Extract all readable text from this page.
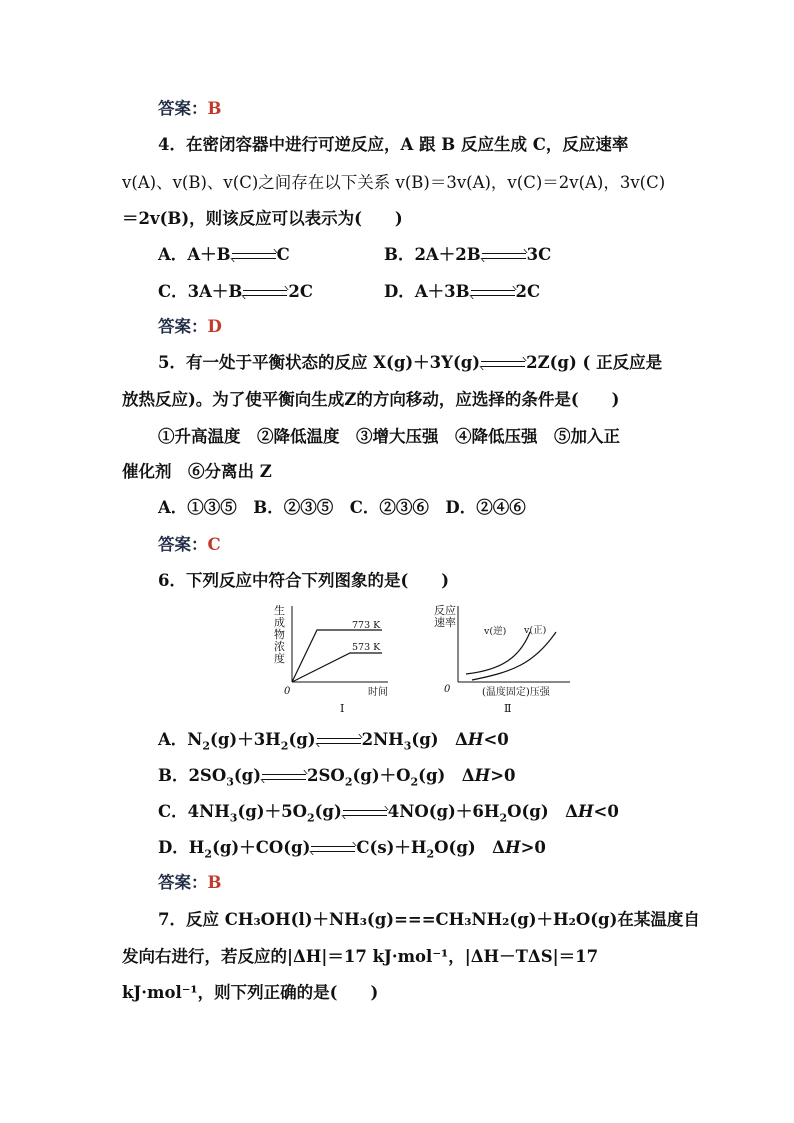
答案：B
4．在密闭容器中进行可逆反应，A 跟 B 反应生成 C，反应速率
v(A)、v(B)、v(C)之间存在以下关系 v(B)＝3v(A)，v(C)＝2v(A)，3v(C)
＝2v(B)，则该反应可以表示为(　　)
A．A＋B	C	B．2A＋2B	3C
C．3A＋B	2C	D．A＋3B	2C
答案：D
5．有一处于平衡状态的反应 X(g)＋3Y(g)	2Z(g) ( 正反应是
放热反应)。为了使平衡向生成Z的方向移动，应选择的条件是(　　)
①升高温度　②降低温度　③增大压强　④降低压强　⑤加入正
催化剂　⑥分离出 Z
A．①③⑤　B．②③⑤　C．②③⑥　D．②④⑥
答案：C
6．下列反应中符合下列图象的是(　　)
生
成
物
浓
度
773 K
573 K
0	时间
Ⅰ
反 应
速 率
v(逆) v(正)
0	(温度固定)压强
Ⅱ
A．$N_2(g)+3H_2(g)$	$2NH_3(g)$　ΔH<0
B．$2SO_3(g)$	$2SO_2(g)+O_2(g)$　ΔH>0
C．$4NH_3(g)+5O_2(g)$	$4NO(g)+6H_2O(g)$　ΔH<0
D．$H_2(g)+CO(g)$	$C(s)+H_2O(g)$　ΔH>0
答案：B
7．反应 CH₃OH(l)＋NH₃(g)===CH₃NH₂(g)＋H₂O(g)在某温度自
发向右进行，若反应的|ΔH|＝17 kJ·mol⁻¹，|ΔH－TΔS|＝17
kJ·mol⁻¹，则下列正确的是(　　)
